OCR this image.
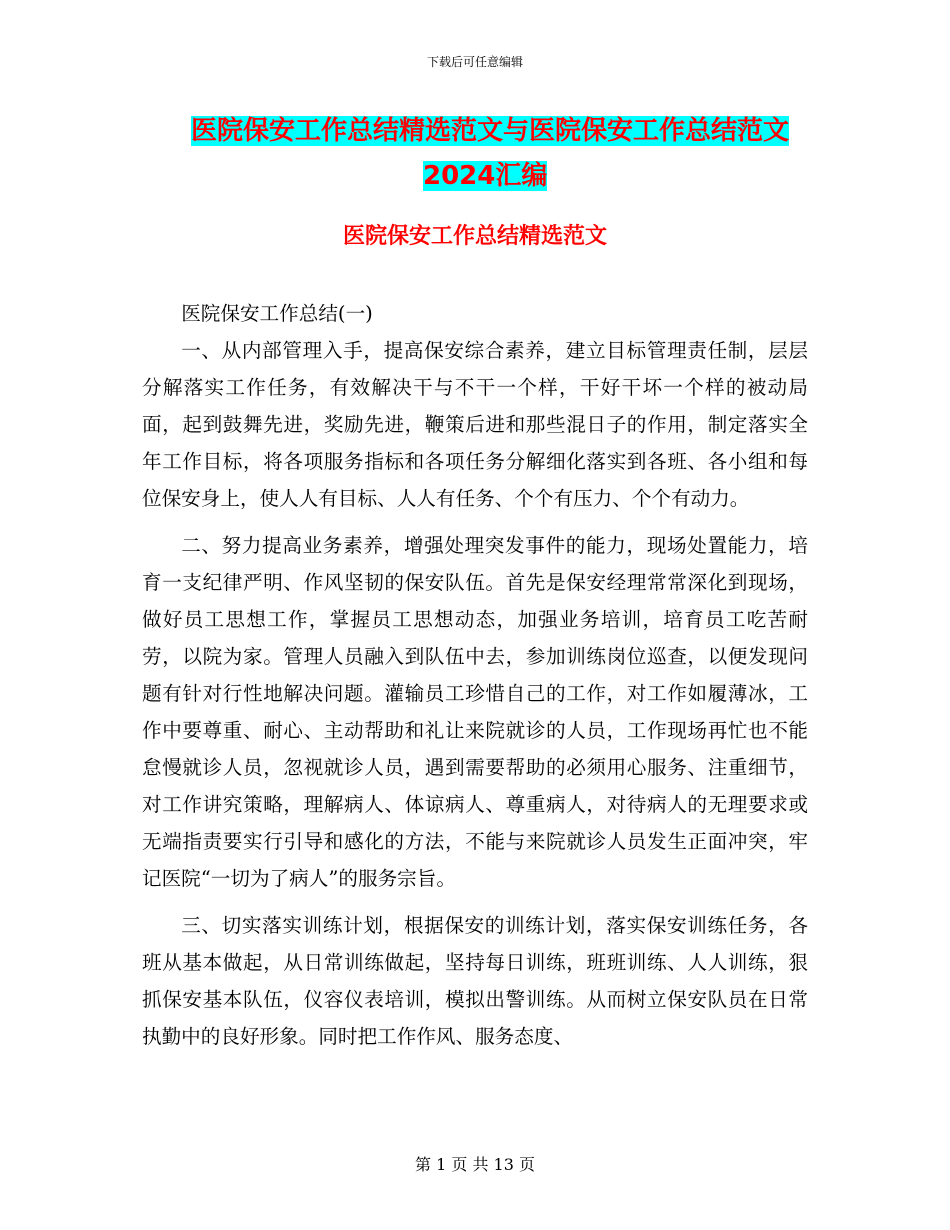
下载后可任意编辑
医院保安工作总结精选范文与医院保安工作总结范文
2024汇编
医院保安工作总结精选范文

医院保安工作总结(一)

一、从内部管理入手，提高保安综合素养，建立目标管理责任制，层层分解落实工作任务，有效解决干与不干一个样，干好干坏一个样的被动局面，起到鼓舞先进，奖励先进，鞭策后进和那些混日子的作用，制定落实全年工作目标，将各项服务指标和各项任务分解细化落实到各班、各小组和每位保安身上，使人人有目标、人人有任务、个个有压力、个个有动力。

二、努力提高业务素养，增强处理突发事件的能力，现场处置能力，培育一支纪律严明、作风坚韧的保安队伍。首先是保安经理常常深化到现场，做好员工思想工作，掌握员工思想动态，加强业务培训，培育员工吃苦耐劳，以院为家。管理人员融入到队伍中去，参加训练岗位巡查，以便发现问题有针对行性地解决问题。灌输员工珍惜自己的工作，对工作如履薄冰，工作中要尊重、耐心、主动帮助和礼让来院就诊的人员，工作现场再忙也不能怠慢就诊人员，忽视就诊人员，遇到需要帮助的必须用心服务、注重细节，对工作讲究策略，理解病人、体谅病人、尊重病人，对待病人的无理要求或无端指责要实行引导和感化的方法，不能与来院就诊人员发生正面冲突，牢记医院“一切为了病人”的服务宗旨。

三、切实落实训练计划，根据保安的训练计划，落实保安训练任务，各班从基本做起，从日常训练做起，坚持每日训练，班班训练、人人训练，狠抓保安基本队伍，仪容仪表培训，模拟出警训练。从而树立保安队员在日常执勤中的良好形象。同时把工作作风、服务态度、

第 1 页 共 13 页
